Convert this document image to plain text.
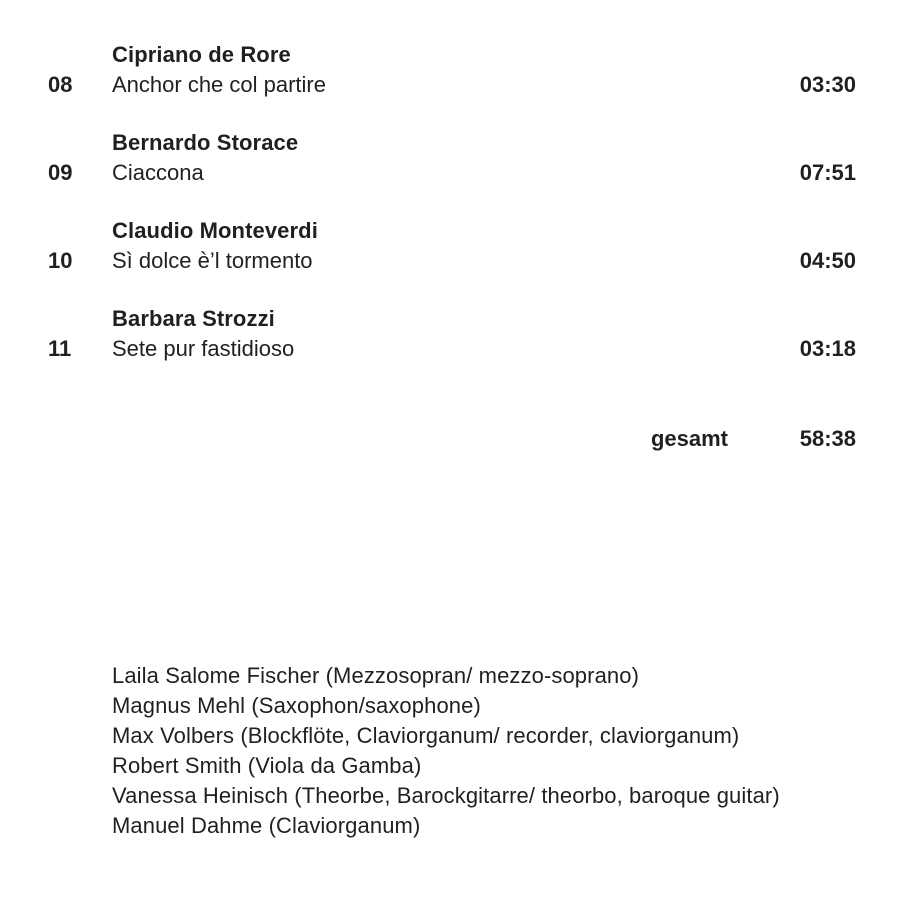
Cipriano de Rore
08	Anchor che col partire	03:30
Bernardo Storace
09	Ciaccona	07:51
Claudio Monteverdi
10	Sì dolce è’l tormento	04:50
Barbara Strozzi
11	Sete pur fastidioso	03:18
gesamt	58:38
Laila Salome Fischer (Mezzosopran/ mezzo-soprano)
Magnus Mehl (Saxophon/saxophone)
Max Volbers (Blockflöte, Claviorganum/ recorder, claviorganum)
Robert Smith (Viola da Gamba)
Vanessa Heinisch (Theorbe, Barockgitarre/ theorbo, baroque guitar)
Manuel Dahme (Claviorganum)
